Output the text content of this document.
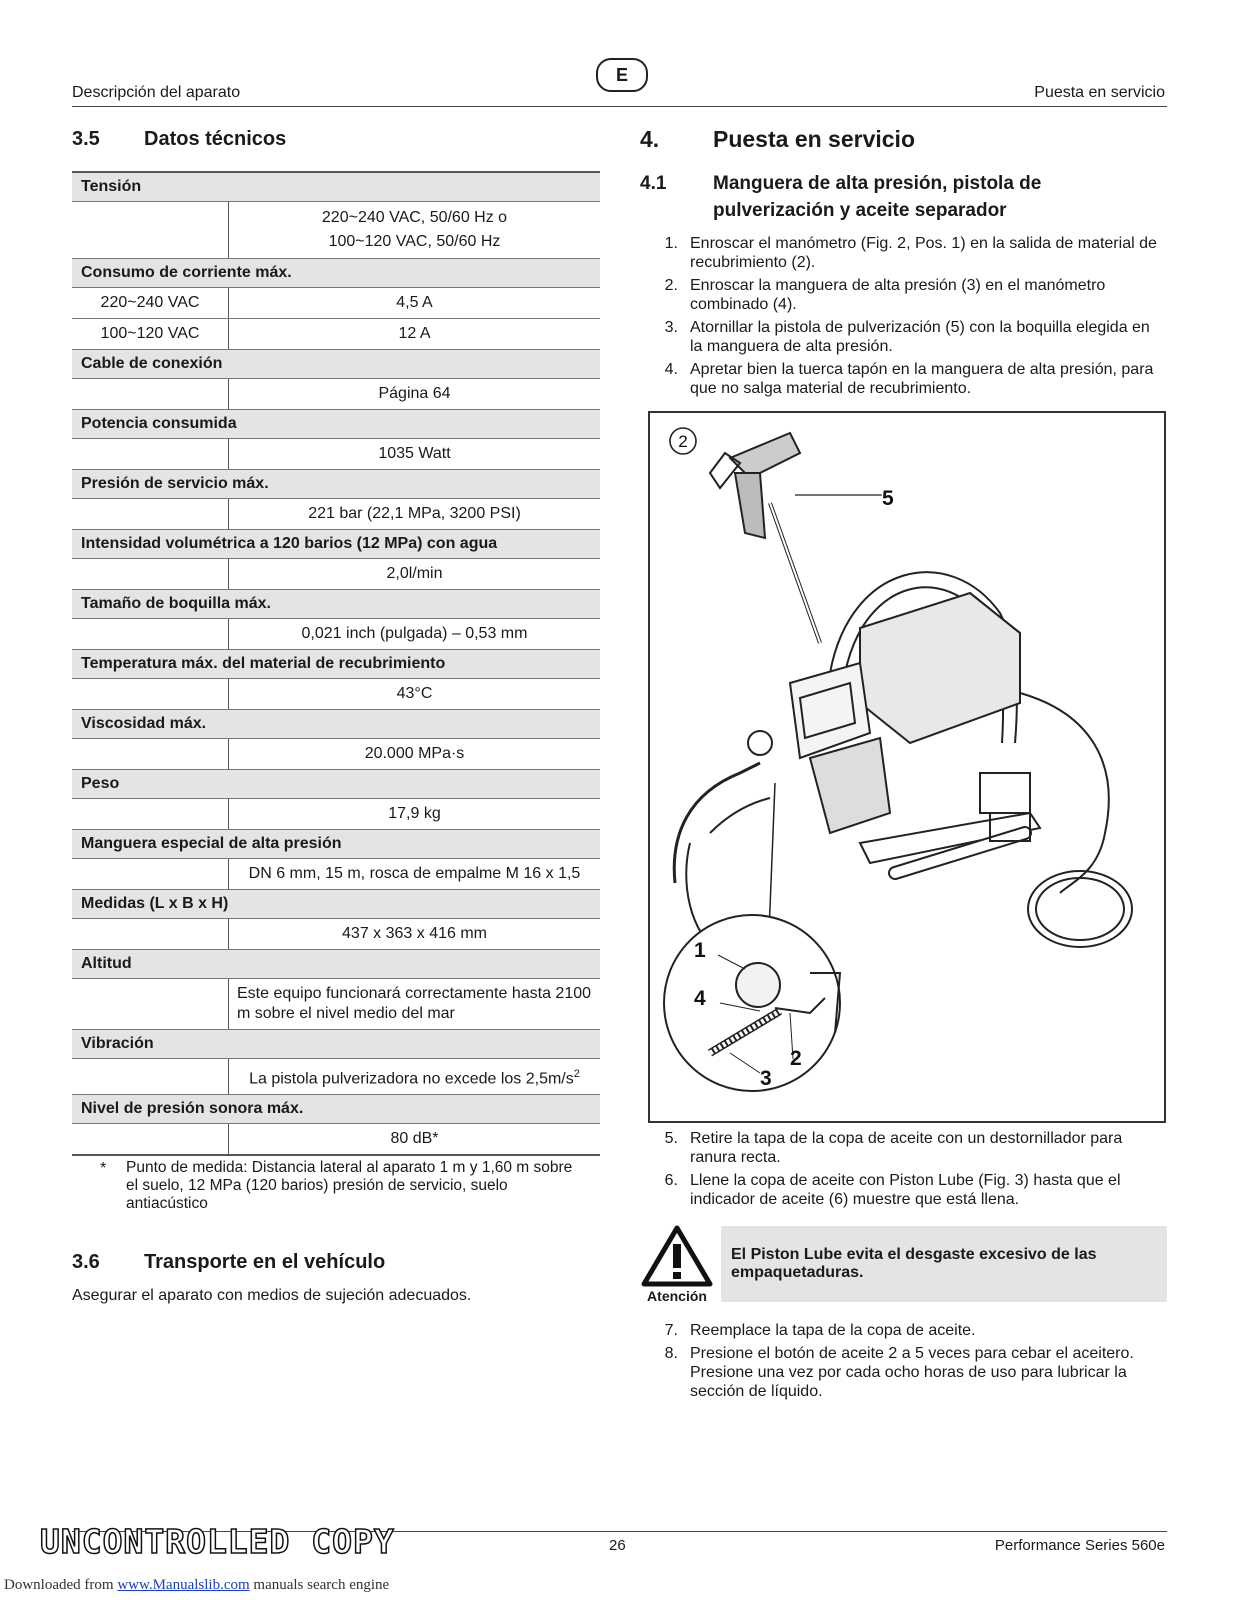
Descripción del aparato
E
Puesta en servicio
3.5 Datos técnicos
Tensión
220~240 VAC, 50/60 Hz o
100~120 VAC, 50/60 Hz
Consumo de corriente máx.
220~240 VAC	4,5 A
100~120 VAC	12 A
Cable de conexión
Página 64
Potencia consumida
1035 Watt
Presión de servicio máx.
221 bar (22,1 MPa, 3200 PSI)
Intensidad volumétrica a 120 barios (12 MPa) con agua
2,0l/min
Tamaño de boquilla máx.
0,021 inch (pulgada) – 0,53 mm
Temperatura máx. del material de recubrimiento
43°C
Viscosidad máx.
20.000 MPa·s
Peso
17,9 kg
Manguera especial de alta presión
DN 6 mm, 15 m, rosca de empalme M 16 x 1,5
Medidas (L x B x H)
437 x 363 x 416 mm
Altitud
Este equipo funcionará correctamente hasta 2100 m sobre el nivel medio del mar
Vibración
La pistola pulverizadora no excede los $2,5m/s^2$
Nivel de presión sonora máx.
80 dB*
* Punto de medida: Distancia lateral al aparato 1 m y 1,60 m sobre el suelo, 12 MPa (120 barios) presión de servicio, suelo antiacústico
3.6 Transporte en el vehículo
Asegurar el aparato con medios de sujeción adecuados.
4. Puesta en servicio
4.1	Manguera de alta presión, pistola de
pulverización y aceite separador
1. Enroscar el manómetro (Fig. 2, Pos. 1) en la salida de material de recubrimiento (2).
2. Enroscar la manguera de alta presión (3) en el manómetro combinado (4).
3. Atornillar la pistola de pulverización (5) con la boquilla elegida en la manguera de alta presión.
4. Apretar bien la tuerca tapón en la manguera de alta presión, para que no salga material de recubrimiento.
2
5
1
4
2
3
5. Retire la tapa de la copa de aceite con un destornillador para ranura recta.
6. Llene la copa de aceite con Piston Lube (Fig. 3) hasta que el indicador de aceite (6) muestre que está llena.
Atención
El Piston Lube evita el desgaste excesivo de las empaquetaduras.
7. Reemplace la tapa de la copa de aceite.
8. Presione el botón de aceite 2 a 5 veces para cebar el aceitero. Presione una vez por cada ocho horas de uso para lubricar la sección de líquido.
UNCONTROLLED COPY	26	Performance Series 560e
Downloaded from www.Manualslib.com manuals search engine
